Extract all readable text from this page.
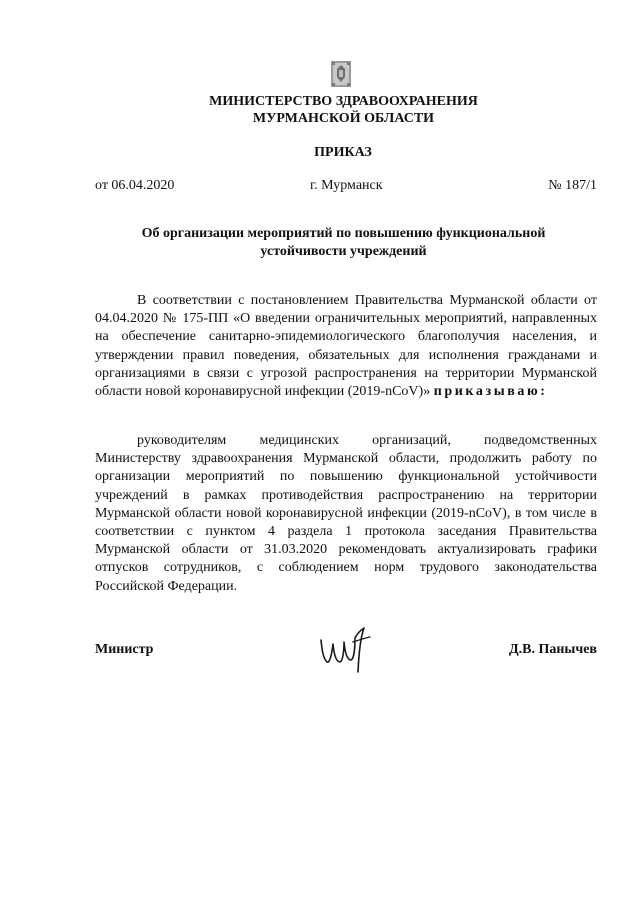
МИНИСТЕРСТВО ЗДРАВООХРАНЕНИЯ
МУРМАНСКОЙ ОБЛАСТИ
ПРИКАЗ
от 06.04.2020	г. Мурманск	№ 187/1
Об организации мероприятий по повышению функциональной
устойчивости учреждений

В соответствии с постановлением Правительства Мурманской области от 04.04.2020 № 175-ПП «О введении ограничительных мероприятий, направленных на обеспечение санитарно-эпидемиологического благополучия населения, и утверждении правил поведения, обязательных для исполнения гражданами и организациями в связи с угрозой распространения на территории Мурманской области новой коронавирусной инфекции (2019-nCoV)» приказываю:

руководителям медицинских организаций, подведомственных Министерству здравоохранения Мурманской области, продолжить работу по организации мероприятий по повышению функциональной устойчивости учреждений в рамках противодействия распространению на территории Мурманской области новой коронавирусной инфекции (2019-nCoV), в том числе в соответствии с пунктом 4 раздела 1 протокола заседания Правительства Мурманской области от 31.03.2020 рекомендовать актуализировать графики отпусков сотрудников, с соблюдением норм трудового законодательства Российской Федерации.

Министр	Д.В. Панычев
